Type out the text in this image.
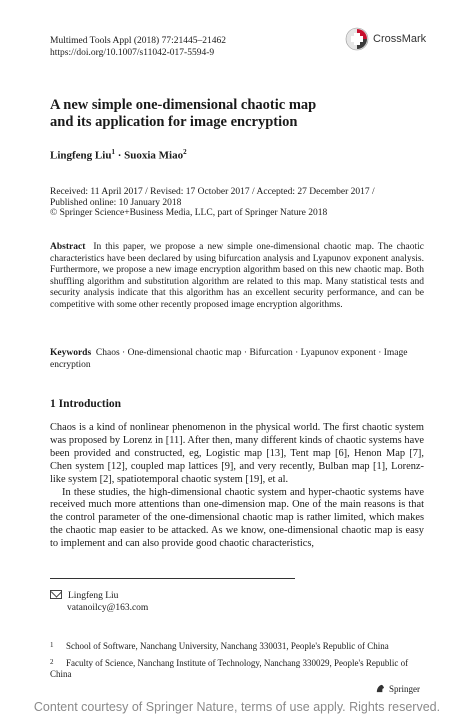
Multimed Tools Appl (2018) 77:21445–21462
https://doi.org/10.1007/s11042-017-5594-9
CrossMark
A new simple one-dimensional chaotic map
and its application for image encryption
Lingfeng Liu$^1$ · Suoxia Miao$^2$
Received: 11 April 2017 / Revised: 17 October 2017 / Accepted: 27 December 2017 /
Published online: 10 January 2018
© Springer Science+Business Media, LLC, part of Springer Nature 2018
Abstract In this paper, we propose a new simple one-dimensional chaotic map. The chaotic characteristics have been declared by using bifurcation analysis and Lyapunov exponent analysis. Furthermore, we propose a new image encryption algorithm based on this new chaotic map. Both shuffling algorithm and substitution algorithm are related to this map. Many statistical tests and security analysis indicate that this algorithm has an excellent security performance, and can be competitive with some other recently proposed image encryption algorithms.
Keywords Chaos · One-dimensional chaotic map · Bifurcation · Lyapunov exponent · Image encryption
1 Introduction

Chaos is a kind of nonlinear phenomenon in the physical world. The first chaotic system was proposed by Lorenz in [11]. After then, many different kinds of chaotic systems have been provided and constructed, eg, Logistic map [13], Tent map [6], Henon Map [7], Chen system [12], coupled map lattices [9], and very recently, Bulban map [1], Lorenz-like system [2], spatiotemporal chaotic system [19], et al.

In these studies, the high-dimensional chaotic system and hyper-chaotic systems have received much more attentions than one-dimension map. One of the main reasons is that the control parameter of the one-dimensional chaotic map is rather limited, which makes the chaotic map easier to be attacked. As we know, one-dimensional chaotic map is easy to implement and can also provide good chaotic characteristics,

Lingfeng Liu
vatanoilcy@163.com
1 School of Software, Nanchang University, Nanchang 330031, People's Republic of China
2 Faculty of Science, Nanchang Institute of Technology, Nanchang 330029, People's Republic of China
Springer
Content courtesy of Springer Nature, terms of use apply. Rights reserved.
